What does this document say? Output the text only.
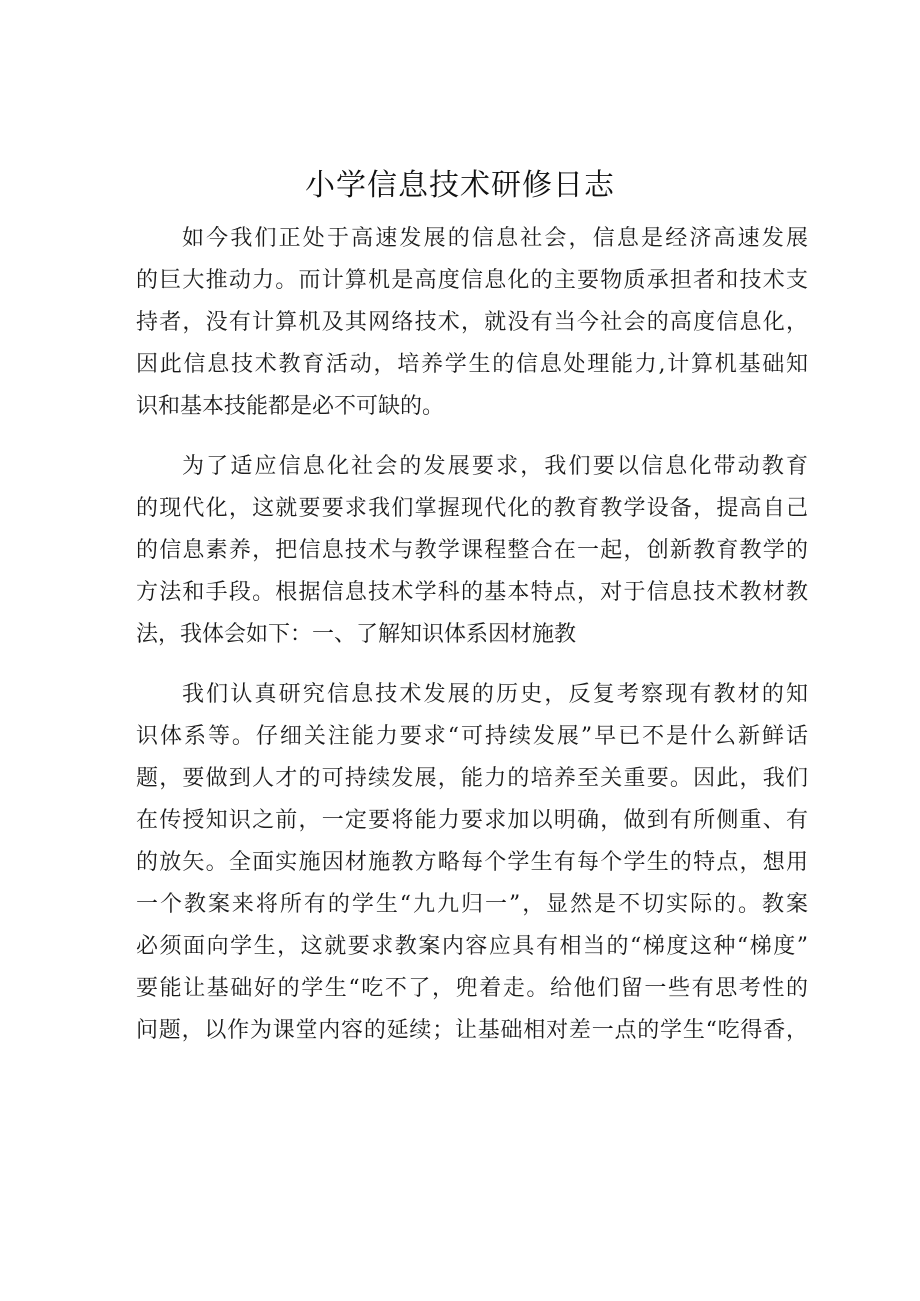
小学信息技术研修日志
如今我们正处于高速发展的信息社会，信息是经济高速发展
的巨大推动力。而计算机是高度信息化的主要物质承担者和技术支
持者，没有计算机及其网络技术，就没有当今社会的高度信息化，
因此信息技术教育活动，培养学生的信息处理能力,计算机基础知
识和基本技能都是必不可缺的。
为了适应信息化社会的发展要求，我们要以信息化带动教育
的现代化，这就要要求我们掌握现代化的教育教学设备，提高自己
的信息素养，把信息技术与教学课程整合在一起，创新教育教学的
方法和手段。根据信息技术学科的基本特点，对于信息技术教材教
法，我体会如下：一、了解知识体系因材施教
我们认真研究信息技术发展的历史，反复考察现有教材的知
识体系等。仔细关注能力要求“可持续发展”早已不是什么新鲜话
题，要做到人才的可持续发展，能力的培养至关重要。因此，我们
在传授知识之前，一定要将能力要求加以明确，做到有所侧重、有
的放矢。全面实施因材施教方略每个学生有每个学生的特点，想用
一个教案来将所有的学生“九九归一”，显然是不切实际的。教案
必须面向学生，这就要求教案内容应具有相当的“梯度这种“梯度”
要能让基础好的学生“吃不了，兜着走。给他们留一些有思考性的
问题，以作为课堂内容的延续；让基础相对差一点的学生“吃得香，
